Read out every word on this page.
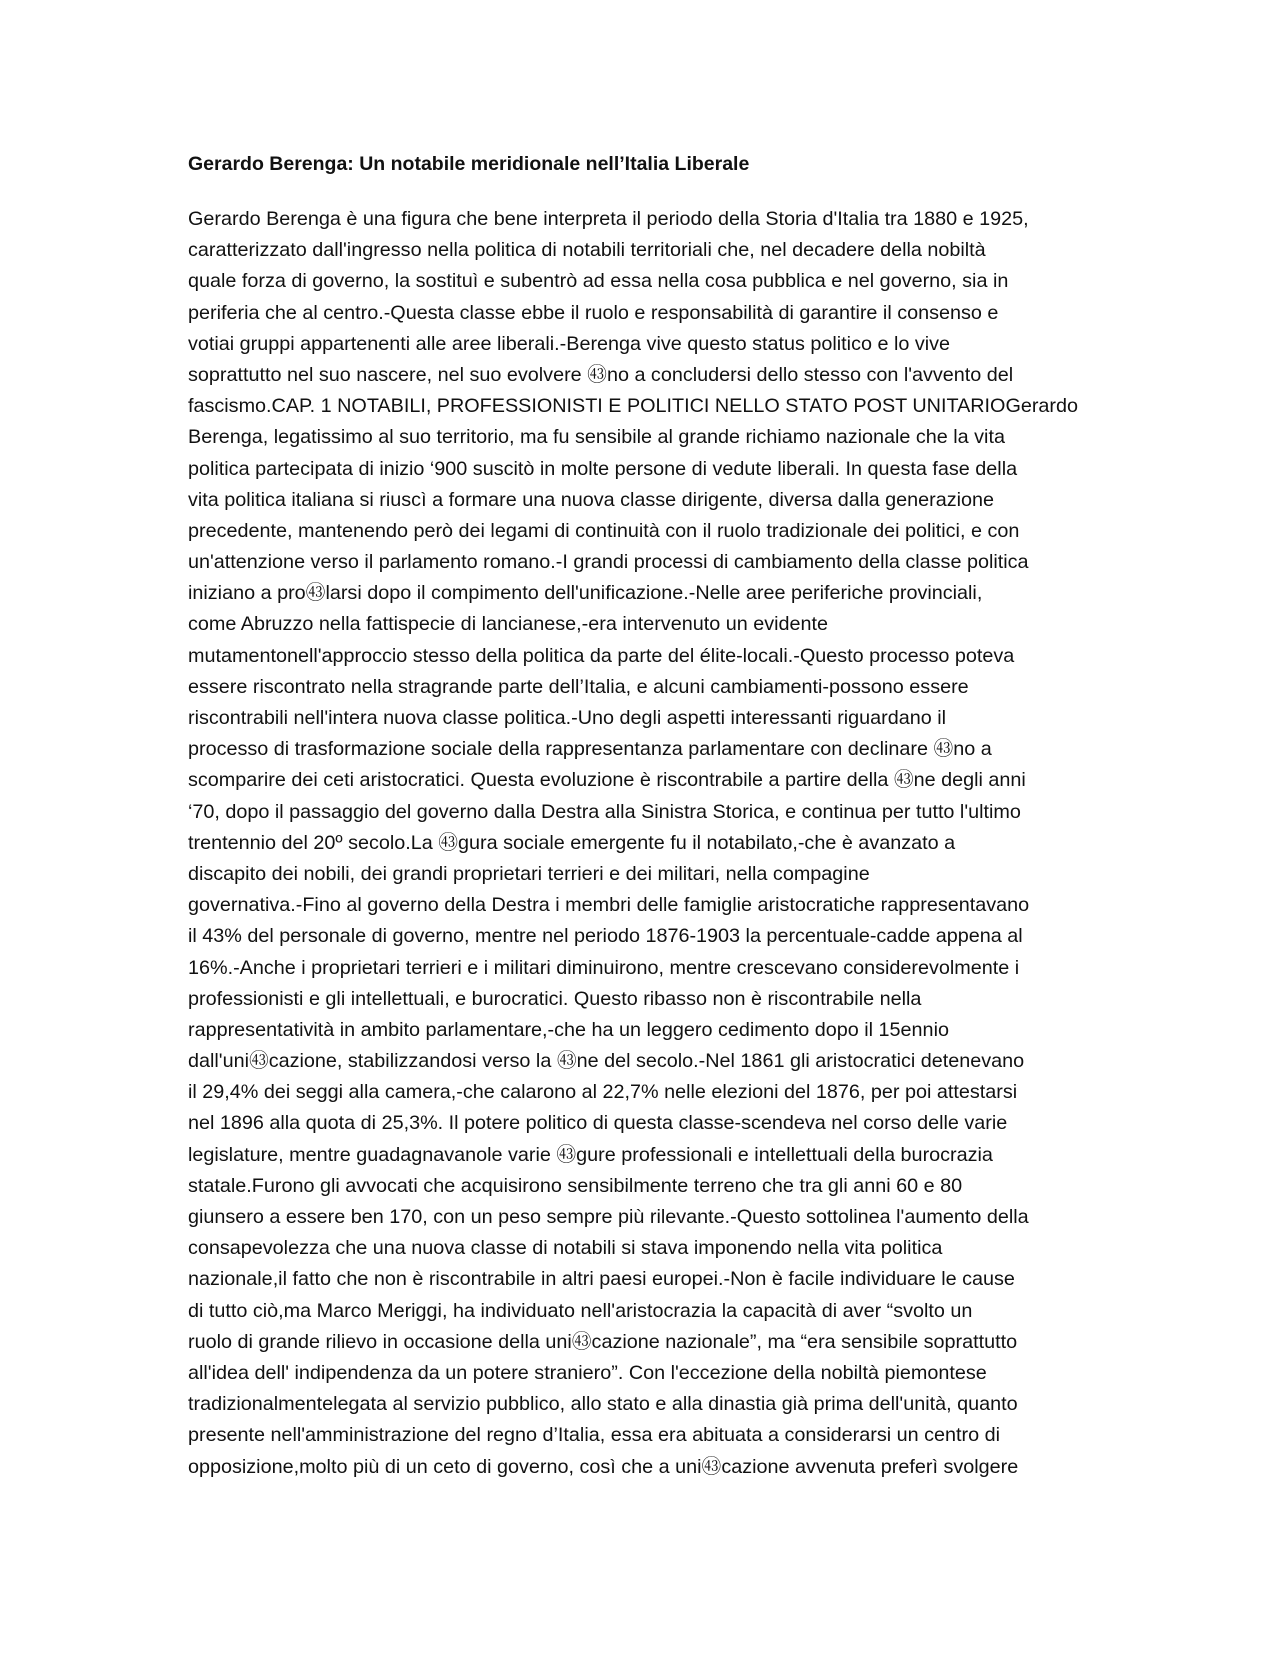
Gerardo Berenga: Un notabile meridionale nell’Italia Liberale
Gerardo Berenga è una figura che bene interpreta il periodo della Storia d'Italia tra 1880 e 1925,
caratterizzato dall'ingresso nella politica di notabili territoriali che, nel decadere della nobiltà
quale forza di governo, la sostituì e subentrò ad essa nella cosa pubblica e nel governo, sia in
periferia che al centro.-Questa classe ebbe il ruolo e responsabilità di garantire il consenso e
votiai gruppi appartenenti alle aree liberali.-Berenga vive questo status politico e lo vive
soprattutto nel suo nascere, nel suo evolvere ㊸no a concludersi dello stesso con l'avvento del
fascismo.CAP. 1 NOTABILI, PROFESSIONISTI E POLITICI NELLO STATO POST UNITARIOGerardo
Berenga, legatissimo al suo territorio, ma fu sensibile al grande richiamo nazionale che la vita
politica partecipata di inizio ‘900 suscitò in molte persone di vedute liberali. In questa fase della
vita politica italiana si riuscì a formare una nuova classe dirigente, diversa dalla generazione
precedente, mantenendo però dei legami di continuità con il ruolo tradizionale dei politici, e con
un'attenzione verso il parlamento romano.-I grandi processi di cambiamento della classe politica
iniziano a pro㊸larsi dopo il compimento dell'unificazione.-Nelle aree periferiche provinciali,
come Abruzzo nella fattispecie di lancianese,-era intervenuto un evidente
mutamentonell'approccio stesso della politica da parte del élite-locali.-Questo processo poteva
essere riscontrato nella stragrande parte dell’Italia, e alcuni cambiamenti-possono essere
riscontrabili nell'intera nuova classe politica.-Uno degli aspetti interessanti riguardano il
processo di trasformazione sociale della rappresentanza parlamentare con declinare ㊸no a
scomparire dei ceti aristocratici. Questa evoluzione è riscontrabile a partire della ㊸ne degli anni
‘70, dopo il passaggio del governo dalla Destra alla Sinistra Storica, e continua per tutto l'ultimo
trentennio del 20º secolo.La ㊸gura sociale emergente fu il notabilato,-che è avanzato a
discapito dei nobili, dei grandi proprietari terrieri e dei militari, nella compagine
governativa.-Fino al governo della Destra i membri delle famiglie aristocratiche rappresentavano
il 43% del personale di governo, mentre nel periodo 1876-1903 la percentuale-cadde appena al
16%.-Anche i proprietari terrieri e i militari diminuirono, mentre crescevano considerevolmente i
professionisti e gli intellettuali, e burocratici. Questo ribasso non è riscontrabile nella
rappresentatività in ambito parlamentare,-che ha un leggero cedimento dopo il 15ennio
dall'uni㊸cazione, stabilizzandosi verso la ㊸ne del secolo.-Nel 1861 gli aristocratici detenevano
il 29,4% dei seggi alla camera,-che calarono al 22,7% nelle elezioni del 1876, per poi attestarsi
nel 1896 alla quota di 25,3%. Il potere politico di questa classe-scendeva nel corso delle varie
legislature, mentre guadagnavanole varie ㊸gure professionali e intellettuali della burocrazia
statale.Furono gli avvocati che acquisirono sensibilmente terreno che tra gli anni 60 e 80
giunsero a essere ben 170, con un peso sempre più rilevante.-Questo sottolinea l'aumento della
consapevolezza che una nuova classe di notabili si stava imponendo nella vita politica
nazionale,il fatto che non è riscontrabile in altri paesi europei.-Non è facile individuare le cause
di tutto ciò,ma Marco Meriggi, ha individuato nell'aristocrazia la capacità di aver “svolto un
ruolo di grande rilievo in occasione della uni㊸cazione nazionale”, ma “era sensibile soprattutto
all'idea dell' indipendenza da un potere straniero”. Con l'eccezione della nobiltà piemontese
tradizionalmentelegata al servizio pubblico, allo stato e alla dinastia già prima dell'unità, quanto
presente nell'amministrazione del regno d’Italia, essa era abituata a considerarsi un centro di
opposizione,molto più di un ceto di governo, così che a uni㊸cazione avvenuta preferì svolgere
